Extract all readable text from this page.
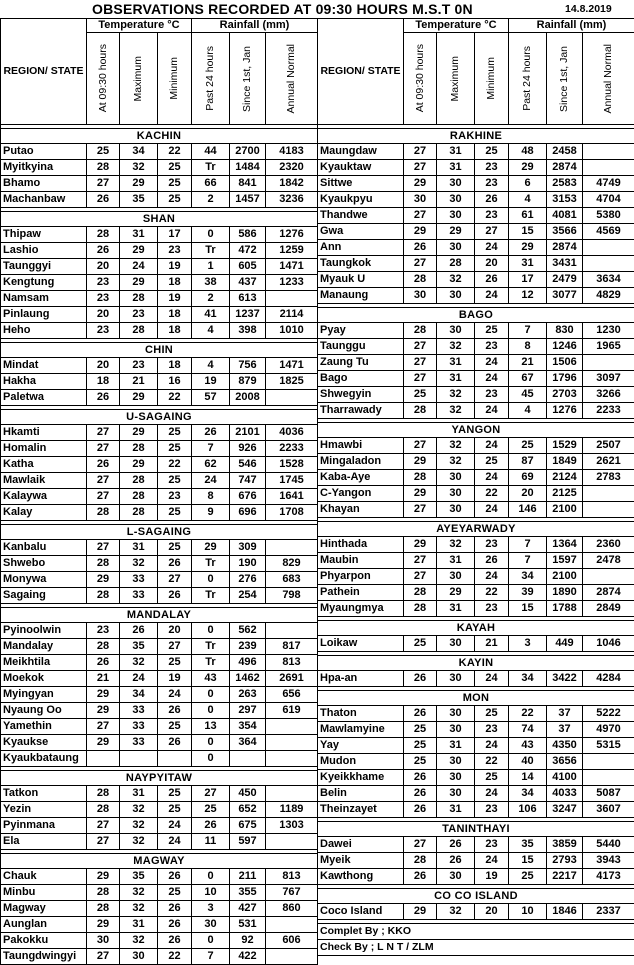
OBSERVATIONS RECORDED AT 09:30 HOURS M.S.T 0N	14.8.2019
REGION/ STATE	Temperature °C			Rainfall (mm)		

	At 09:30 hours	Maximum	Minimum	Past 24 hours	Since 1st, Jan	Annual Normal

KACHIN						
Putao	25	34	22	44	2700	4183
Myitkyina	28	32	25	Tr	1484	2320
Bhamo	27	29	25	66	841	1842
Machanbaw	26	35	25	2	1457	3236

SHAN						
Thipaw	28	31	17	0	586	1276
Lashio	26	29	23	Tr	472	1259
Taunggyi	20	24	19	1	605	1471
Kengtung	23	29	18	38	437	1233
Namsam	23	28	19	2	613	
Pinlaung	20	23	18	41	1237	2114
Heho	23	28	18	4	398	1010

CHIN						
Mindat	20	23	18	4	756	1471
Hakha	18	21	16	19	879	1825
Paletwa	26	29	22	57	2008	

U-SAGAING						
Hkamti	27	29	25	26	2101	4036
Homalin	27	28	25	7	926	2233
Katha	26	29	22	62	546	1528
Mawlaik	27	28	25	24	747	1745
Kalaywa	27	28	23	8	676	1641
Kalay	28	28	25	9	696	1708

L-SAGAING						
Kanbalu	27	31	25	29	309	
Shwebo	28	32	26	Tr	190	829
Monywa	29	33	27	0	276	683
Sagaing	28	33	26	Tr	254	798

MANDALAY						
Pyinoolwin	23	26	20	0	562	
Mandalay	28	35	27	Tr	239	817
Meikhtila	26	32	25	Tr	496	813
Moekok	21	24	19	43	1462	2691
Myingyan	29	34	24	0	263	656
Nyaung Oo	29	33	26	0	297	619
Yamethin	27	33	25	13	354	
Kyaukse	29	33	26	0	364	
Kyaukbataung				0		

NAYPYITAW						
Tatkon	28	31	25	27	450	
Yezin	28	32	25	25	652	1189
Pyinmana	27	32	24	26	675	1303
Ela	27	32	24	11	597	

MAGWAY						
Chauk	29	35	26	0	211	813
Minbu	28	32	25	10	355	767
Magway	28	32	26	3	427	860
Aunglan	29	31	26	30	531	
Pakokku	30	32	26	0	92	606
Taungdwingyi	27	30	22	7	422	
REGION/ STATE	Temperature °C			Rainfall (mm)		

	At 09:30 hours	Maximum	Minimum	Past 24 hours	Since 1st, Jan	Annual Normal

RAKHINE						
Maungdaw	27	31	25	48	2458	
Kyauktaw	27	31	23	29	2874	
Sittwe	29	30	23	6	2583	4749
Kyaukpyu	30	30	26	4	3153	4704
Thandwe	27	30	23	61	4081	5380
Gwa	29	29	27	15	3566	4569
Ann	26	30	24	29	2874	
Taungkok	27	28	20	31	3431	
Myauk U	28	32	26	17	2479	3634
Manaung	30	30	24	12	3077	4829

BAGO						
Pyay	28	30	25	7	830	1230
Taunggu	27	32	23	8	1246	1965
Zaung Tu	27	31	24	21	1506	
Bago	27	31	24	67	1796	3097
Shwegyin	25	32	23	45	2703	3266
Tharrawady	28	32	24	4	1276	2233

YANGON						
Hmawbi	27	32	24	25	1529	2507
Mingaladon	29	32	25	87	1849	2621
Kaba-Aye	28	30	24	69	2124	2783
C-Yangon	29	30	22	20	2125	
Khayan	27	30	24	146	2100	

AYEYARWADY						
Hinthada	29	32	23	7	1364	2360
Maubin	27	31	26	7	1597	2478
Phyarpon	27	30	24	34	2100	
Pathein	28	29	22	39	1890	2874
Myaungmya	28	31	23	15	1788	2849

KAYAH						
Loikaw	25	30	21	3	449	1046

KAYIN						
Hpa-an	26	30	24	34	3422	4284

MON						
Thaton	26	30	25	22	37	5222
Mawlamyine	25	30	23	74	37	4970
Yay	25	31	24	43	4350	5315
Mudon	25	30	22	40	3656	
Kyeikkhame	26	30	25	14	4100	
Belin	26	30	24	34	4033	5087
Theinzayet	26	31	23	106	3247	3607

TANINTHAYI						
Dawei	27	26	23	35	3859	5440
Myeik	28	26	24	15	2793	3943
Kawthong	26	30	19	25	2217	4173

CO CO ISLAND						
Coco Island	29	32	20	10	1846	2337

Complet By ; KKO						
Check By ; L N T / ZLM						
